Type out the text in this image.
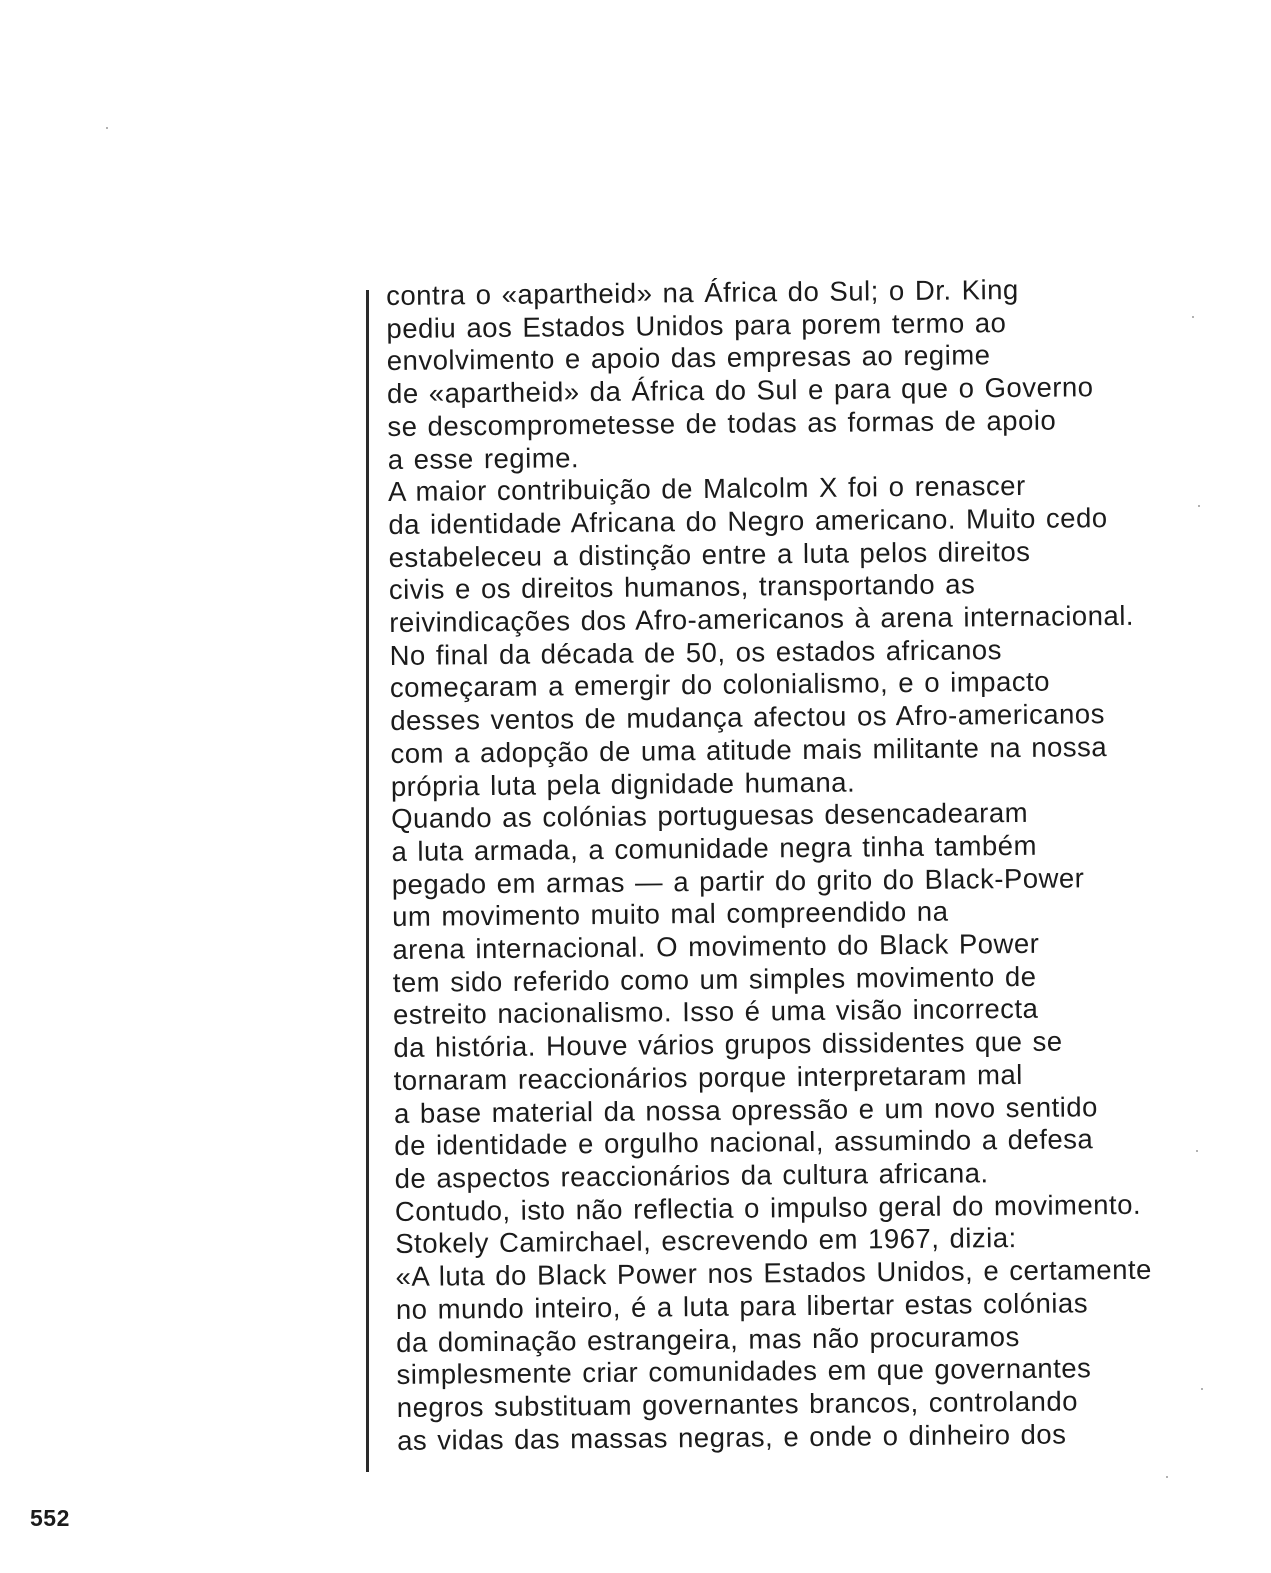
contra o «apartheid» na África do Sul; o Dr. King
pediu aos Estados Unidos para porem termo ao
envolvimento e apoio das empresas ao regime
de «apartheid» da África do Sul e para que o Governo
se descomprometesse de todas as formas de apoio
a esse regime.
A maior contribuição de Malcolm X foi o renascer
da identidade Africana do Negro americano. Muito cedo
estabeleceu a distinção entre a luta pelos direitos
civis e os direitos humanos, transportando as
reivindicações dos Afro-americanos à arena internacional.
No final da década de 50, os estados africanos
começaram a emergir do colonialismo, e o impacto
desses ventos de mudança afectou os Afro-americanos
com a adopção de uma atitude mais militante na nossa
própria luta pela dignidade humana.
Quando as colónias portuguesas desencadearam
a luta armada, a comunidade negra tinha também
pegado em armas — a partir do grito do Black-Power
um movimento muito mal compreendido na
arena internacional. O movimento do Black Power
tem sido referido como um simples movimento de
estreito nacionalismo. Isso é uma visão incorrecta
da história. Houve vários grupos dissidentes que se
tornaram reaccionários porque interpretaram mal
a base material da nossa opressão e um novo sentido
de identidade e orgulho nacional, assumindo a defesa
de aspectos reaccionários da cultura africana.
Contudo, isto não reflectia o impulso geral do movimento.
Stokely Camirchael, escrevendo em 1967, dizia:
«A luta do Black Power nos Estados Unidos, e certamente
no mundo inteiro, é a luta para libertar estas colónias
da dominação estrangeira, mas não procuramos
simplesmente criar comunidades em que governantes
negros substituam governantes brancos, controlando
as vidas das massas negras, e onde o dinheiro dos
552
